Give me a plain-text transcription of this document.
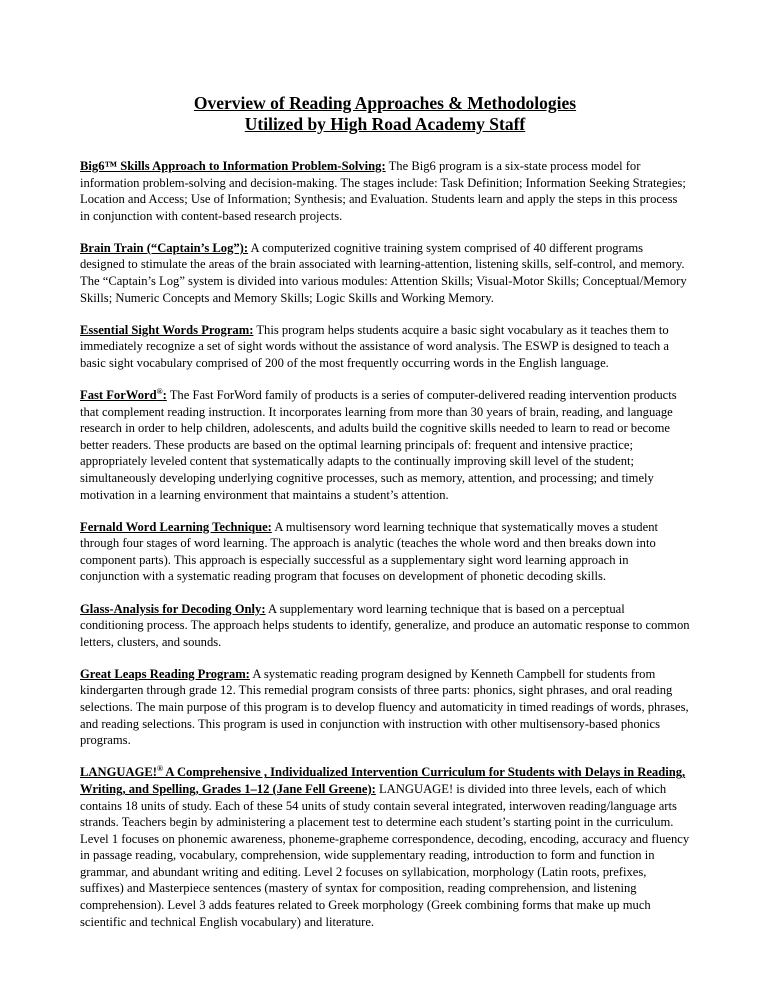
Overview of Reading Approaches & Methodologies
Utilized by High Road Academy Staff

Big6™ Skills Approach to Information Problem-Solving: The Big6 program is a six-state process model for information problem-solving and decision-making. The stages include: Task Definition; Information Seeking Strategies; Location and Access; Use of Information; Synthesis; and Evaluation. Students learn and apply the steps in this process in conjunction with content-based research projects.

Brain Train (“Captain’s Log”): A computerized cognitive training system comprised of 40 different programs designed to stimulate the areas of the brain associated with learning-attention, listening skills, self-control, and memory. The “Captain’s Log” system is divided into various modules: Attention Skills; Visual-Motor Skills; Conceptual/Memory Skills; Numeric Concepts and Memory Skills; Logic Skills and Working Memory.

Essential Sight Words Program: This program helps students acquire a basic sight vocabulary as it teaches them to immediately recognize a set of sight words without the assistance of word analysis. The ESWP is designed to teach a basic sight vocabulary comprised of 200 of the most frequently occurring words in the English language.

Fast ForWord®: The Fast ForWord family of products is a series of computer-delivered reading intervention products that complement reading instruction. It incorporates learning from more than 30 years of brain, reading, and language research in order to help children, adolescents, and adults build the cognitive skills needed to learn to read or become better readers. These products are based on the optimal learning principals of: frequent and intensive practice; appropriately leveled content that systematically adapts to the continually improving skill level of the student; simultaneously developing underlying cognitive processes, such as memory, attention, and processing; and timely motivation in a learning environment that maintains a student’s attention.

Fernald Word Learning Technique: A multisensory word learning technique that systematically moves a student through four stages of word learning. The approach is analytic (teaches the whole word and then breaks down into component parts). This approach is especially successful as a supplementary sight word learning approach in conjunction with a systematic reading program that focuses on development of phonetic decoding skills.

Glass-Analysis for Decoding Only: A supplementary word learning technique that is based on a perceptual conditioning process. The approach helps students to identify, generalize, and produce an automatic response to common letters, clusters, and sounds.

Great Leaps Reading Program: A systematic reading program designed by Kenneth Campbell for students from kindergarten through grade 12. This remedial program consists of three parts: phonics, sight phrases, and oral reading selections. The main purpose of this program is to develop fluency and automaticity in timed readings of words, phrases, and reading selections. This program is used in conjunction with instruction with other multisensory-based phonics programs.

LANGUAGE!® A Comprehensive , Individualized Intervention Curriculum for Students with Delays in Reading, Writing, and Spelling, Grades 1–12 (Jane Fell Greene): LANGUAGE! is divided into three levels, each of which contains 18 units of study. Each of these 54 units of study contain several integrated, interwoven reading/language arts strands. Teachers begin by administering a placement test to determine each student’s starting point in the curriculum. Level 1 focuses on phonemic awareness, phoneme-grapheme correspondence, decoding, encoding, accuracy and fluency in passage reading, vocabulary, comprehension, wide supplementary reading, introduction to form and function in grammar, and abundant writing and editing. Level 2 focuses on syllabication, morphology (Latin roots, prefixes, suffixes) and Masterpiece sentences (mastery of syntax for composition, reading comprehension, and listening comprehension). Level 3 adds features related to Greek morphology (Greek combining forms that make up much scientific and technical English vocabulary) and literature.
